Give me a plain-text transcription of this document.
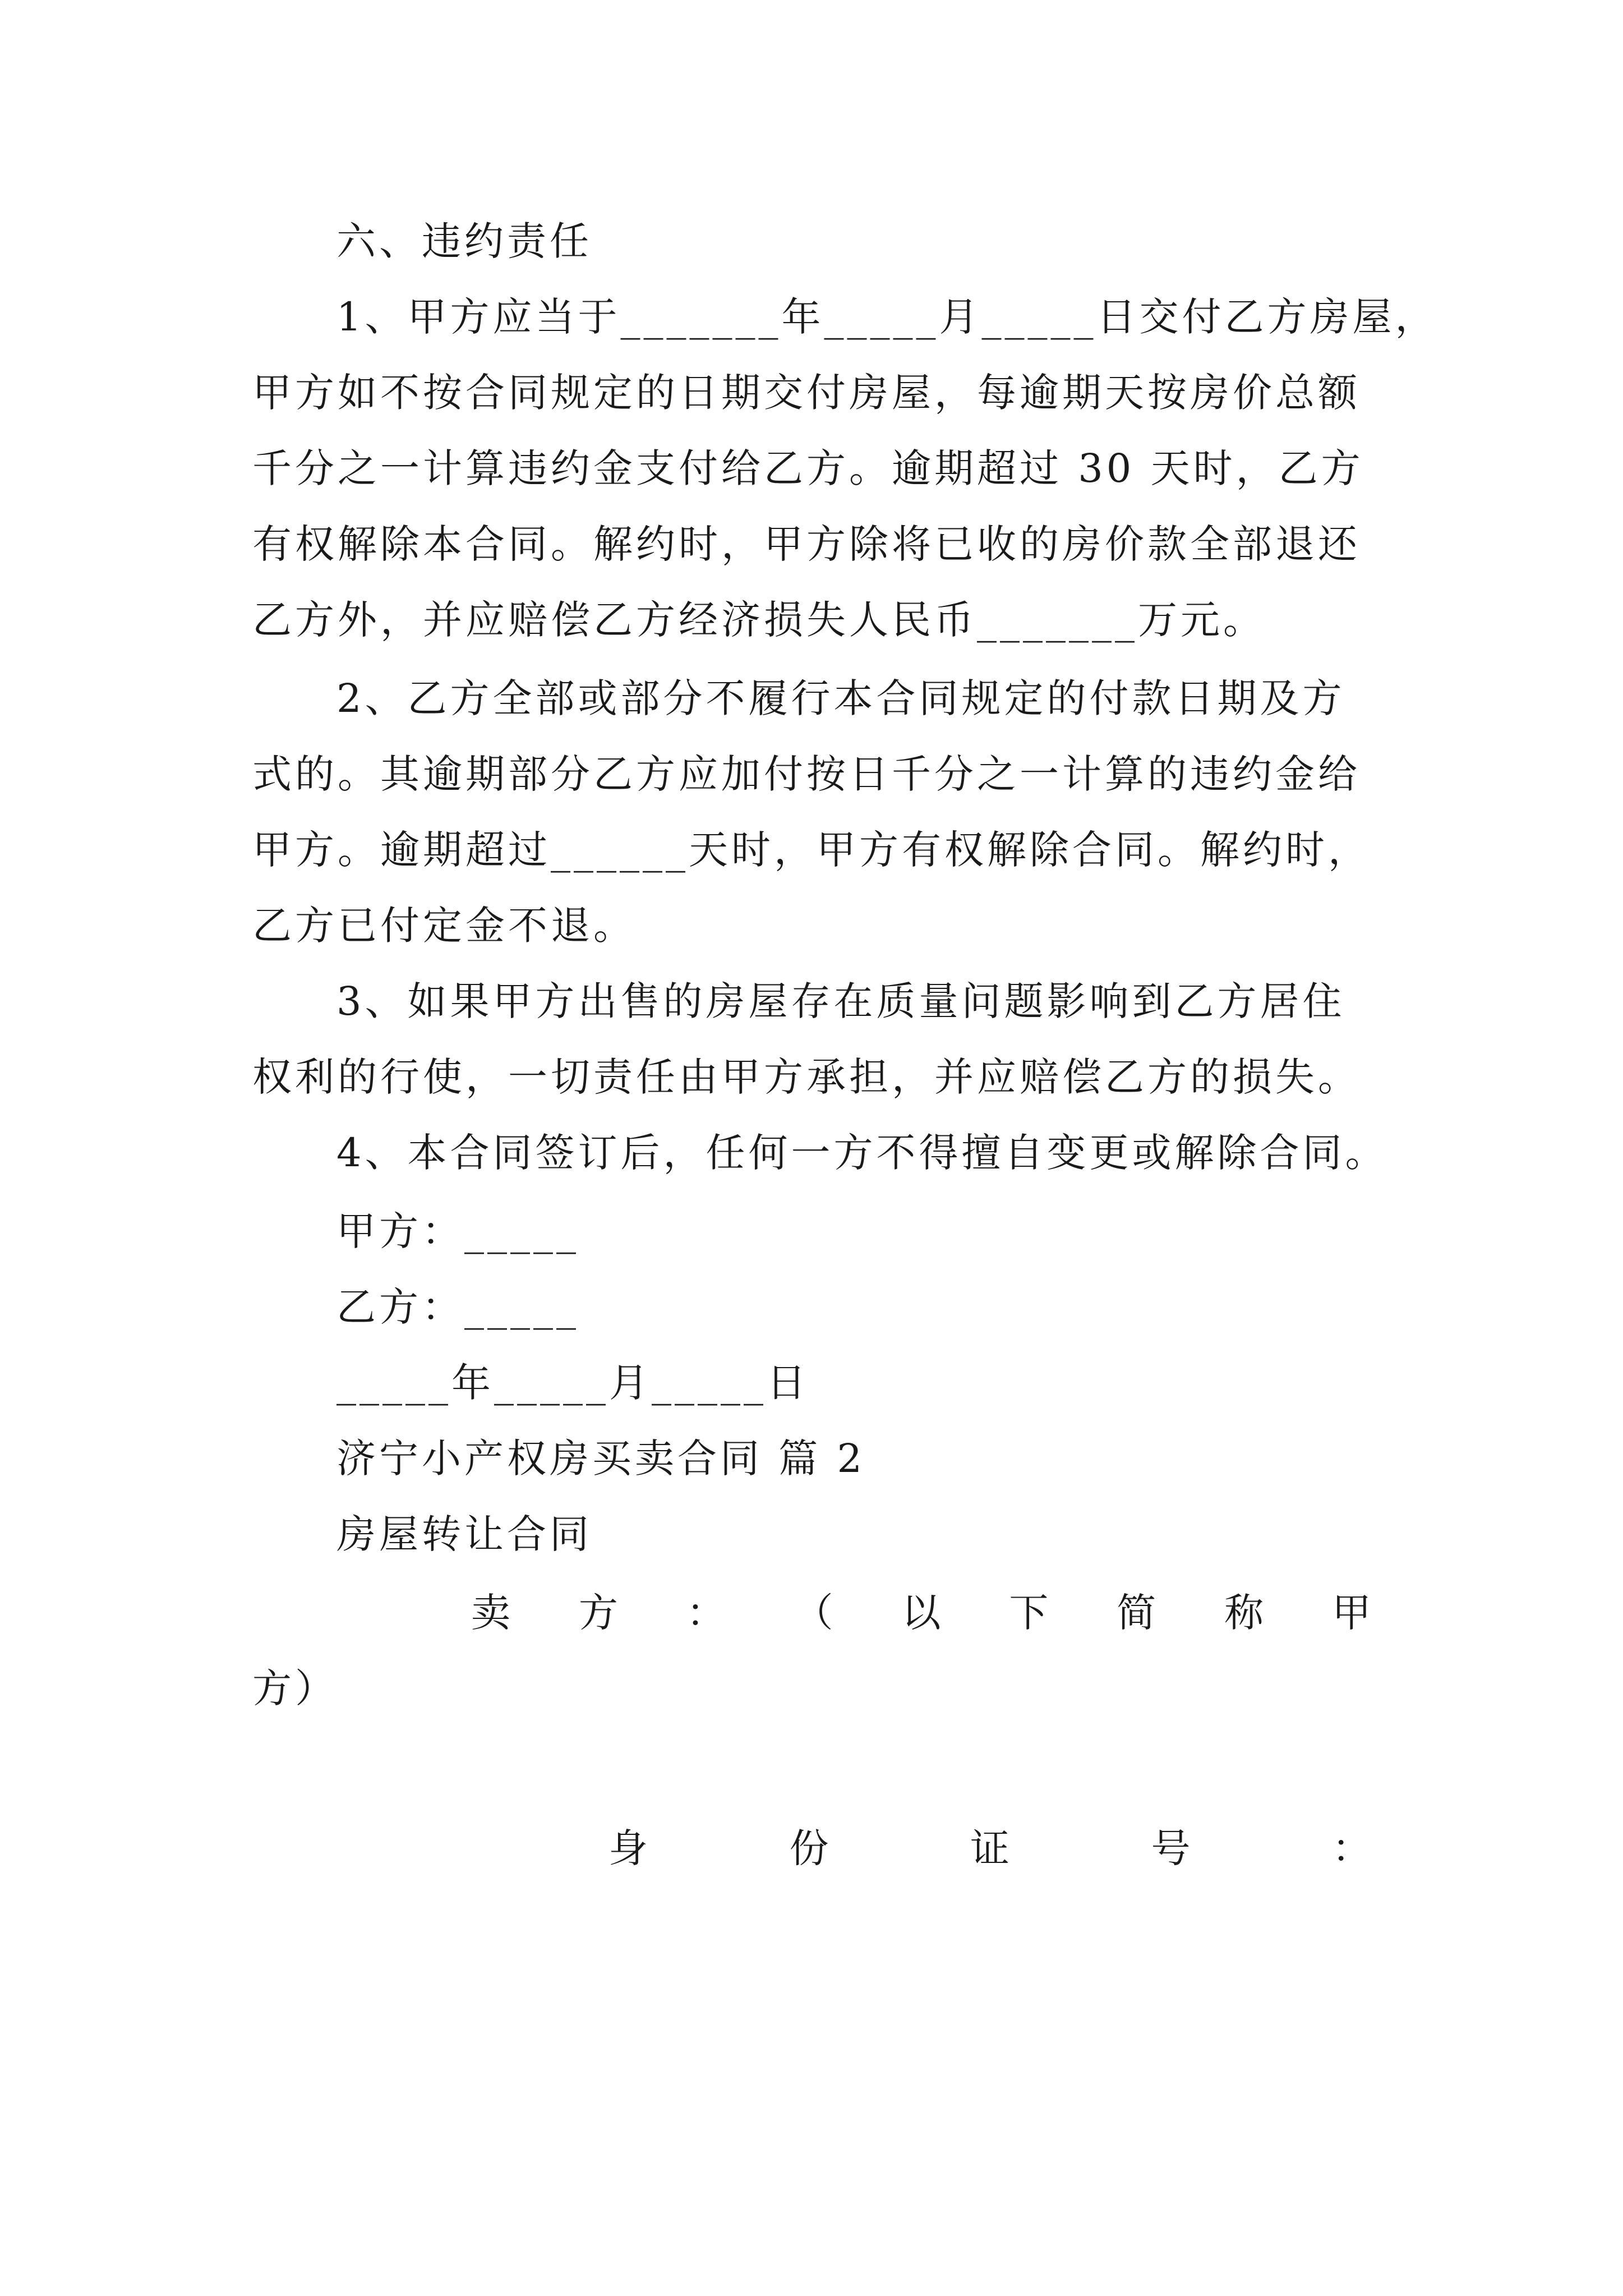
六、违约责任
1、甲方应当于_______年_____月_____日交付乙方房屋，
甲方如不按合同规定的日期交付房屋，每逾期天按房价总额
千分之一计算违约金支付给乙方。逾期超过 30 天时，乙方
有权解除本合同。解约时，甲方除将已收的房价款全部退还
乙方外，并应赔偿乙方经济损失人民币_______万元。
2、乙方全部或部分不履行本合同规定的付款日期及方
式的。其逾期部分乙方应加付按日千分之一计算的违约金给
甲方。逾期超过______天时，甲方有权解除合同。解约时，
乙方已付定金不退。
3、如果甲方出售的房屋存在质量问题影响到乙方居住
权利的行使，一切责任由甲方承担，并应赔偿乙方的损失。
4、本合同签订后，任何一方不得擅自变更或解除合同。
甲方：_____
乙方：_____
_____年_____月_____日
济宁小产权房买卖合同 篇 2
房屋转让合同
卖 方 ： （ 以 下 简 称 甲
方）
身	份	证	号	：
